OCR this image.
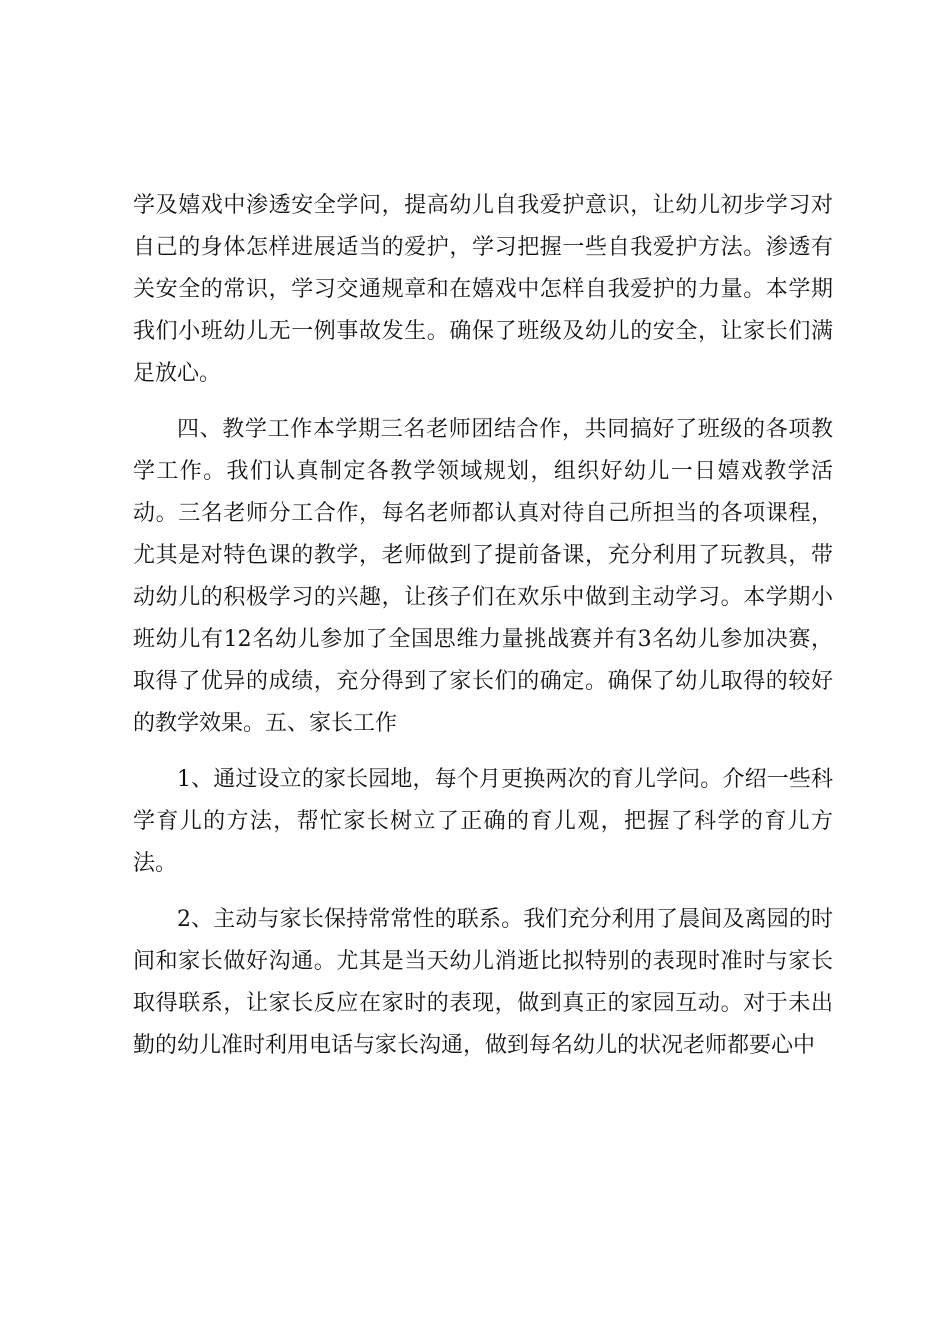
学及嬉戏中渗透安全学问，提高幼儿自我爱护意识，让幼儿初步学习对自己的身体怎样进展适当的爱护，学习把握一些自我爱护方法。渗透有关安全的常识，学习交通规章和在嬉戏中怎样自我爱护的力量。本学期我们小班幼儿无一例事故发生。确保了班级及幼儿的安全，让家长们满足放心。

四、教学工作本学期三名老师团结合作，共同搞好了班级的各项教学工作。我们认真制定各教学领域规划，组织好幼儿一日嬉戏教学活动。三名老师分工合作，每名老师都认真对待自己所担当的各项课程，尤其是对特色课的教学，老师做到了提前备课，充分利用了玩教具，带动幼儿的积极学习的兴趣，让孩子们在欢乐中做到主动学习。本学期小班幼儿有12名幼儿参加了全国思维力量挑战赛并有3名幼儿参加决赛，取得了优异的成绩，充分得到了家长们的确定。确保了幼儿取得的较好的教学效果。五、家长工作

1、通过设立的家长园地，每个月更换两次的育儿学问。介绍一些科学育儿的方法，帮忙家长树立了正确的育儿观，把握了科学的育儿方法。

2、主动与家长保持常常性的联系。我们充分利用了晨间及离园的时间和家长做好沟通。尤其是当天幼儿消逝比拟特别的表现时准时与家长取得联系，让家长反应在家时的表现，做到真正的家园互动。对于未出勤的幼儿准时利用电话与家长沟通，做到每名幼儿的状况老师都要心中
